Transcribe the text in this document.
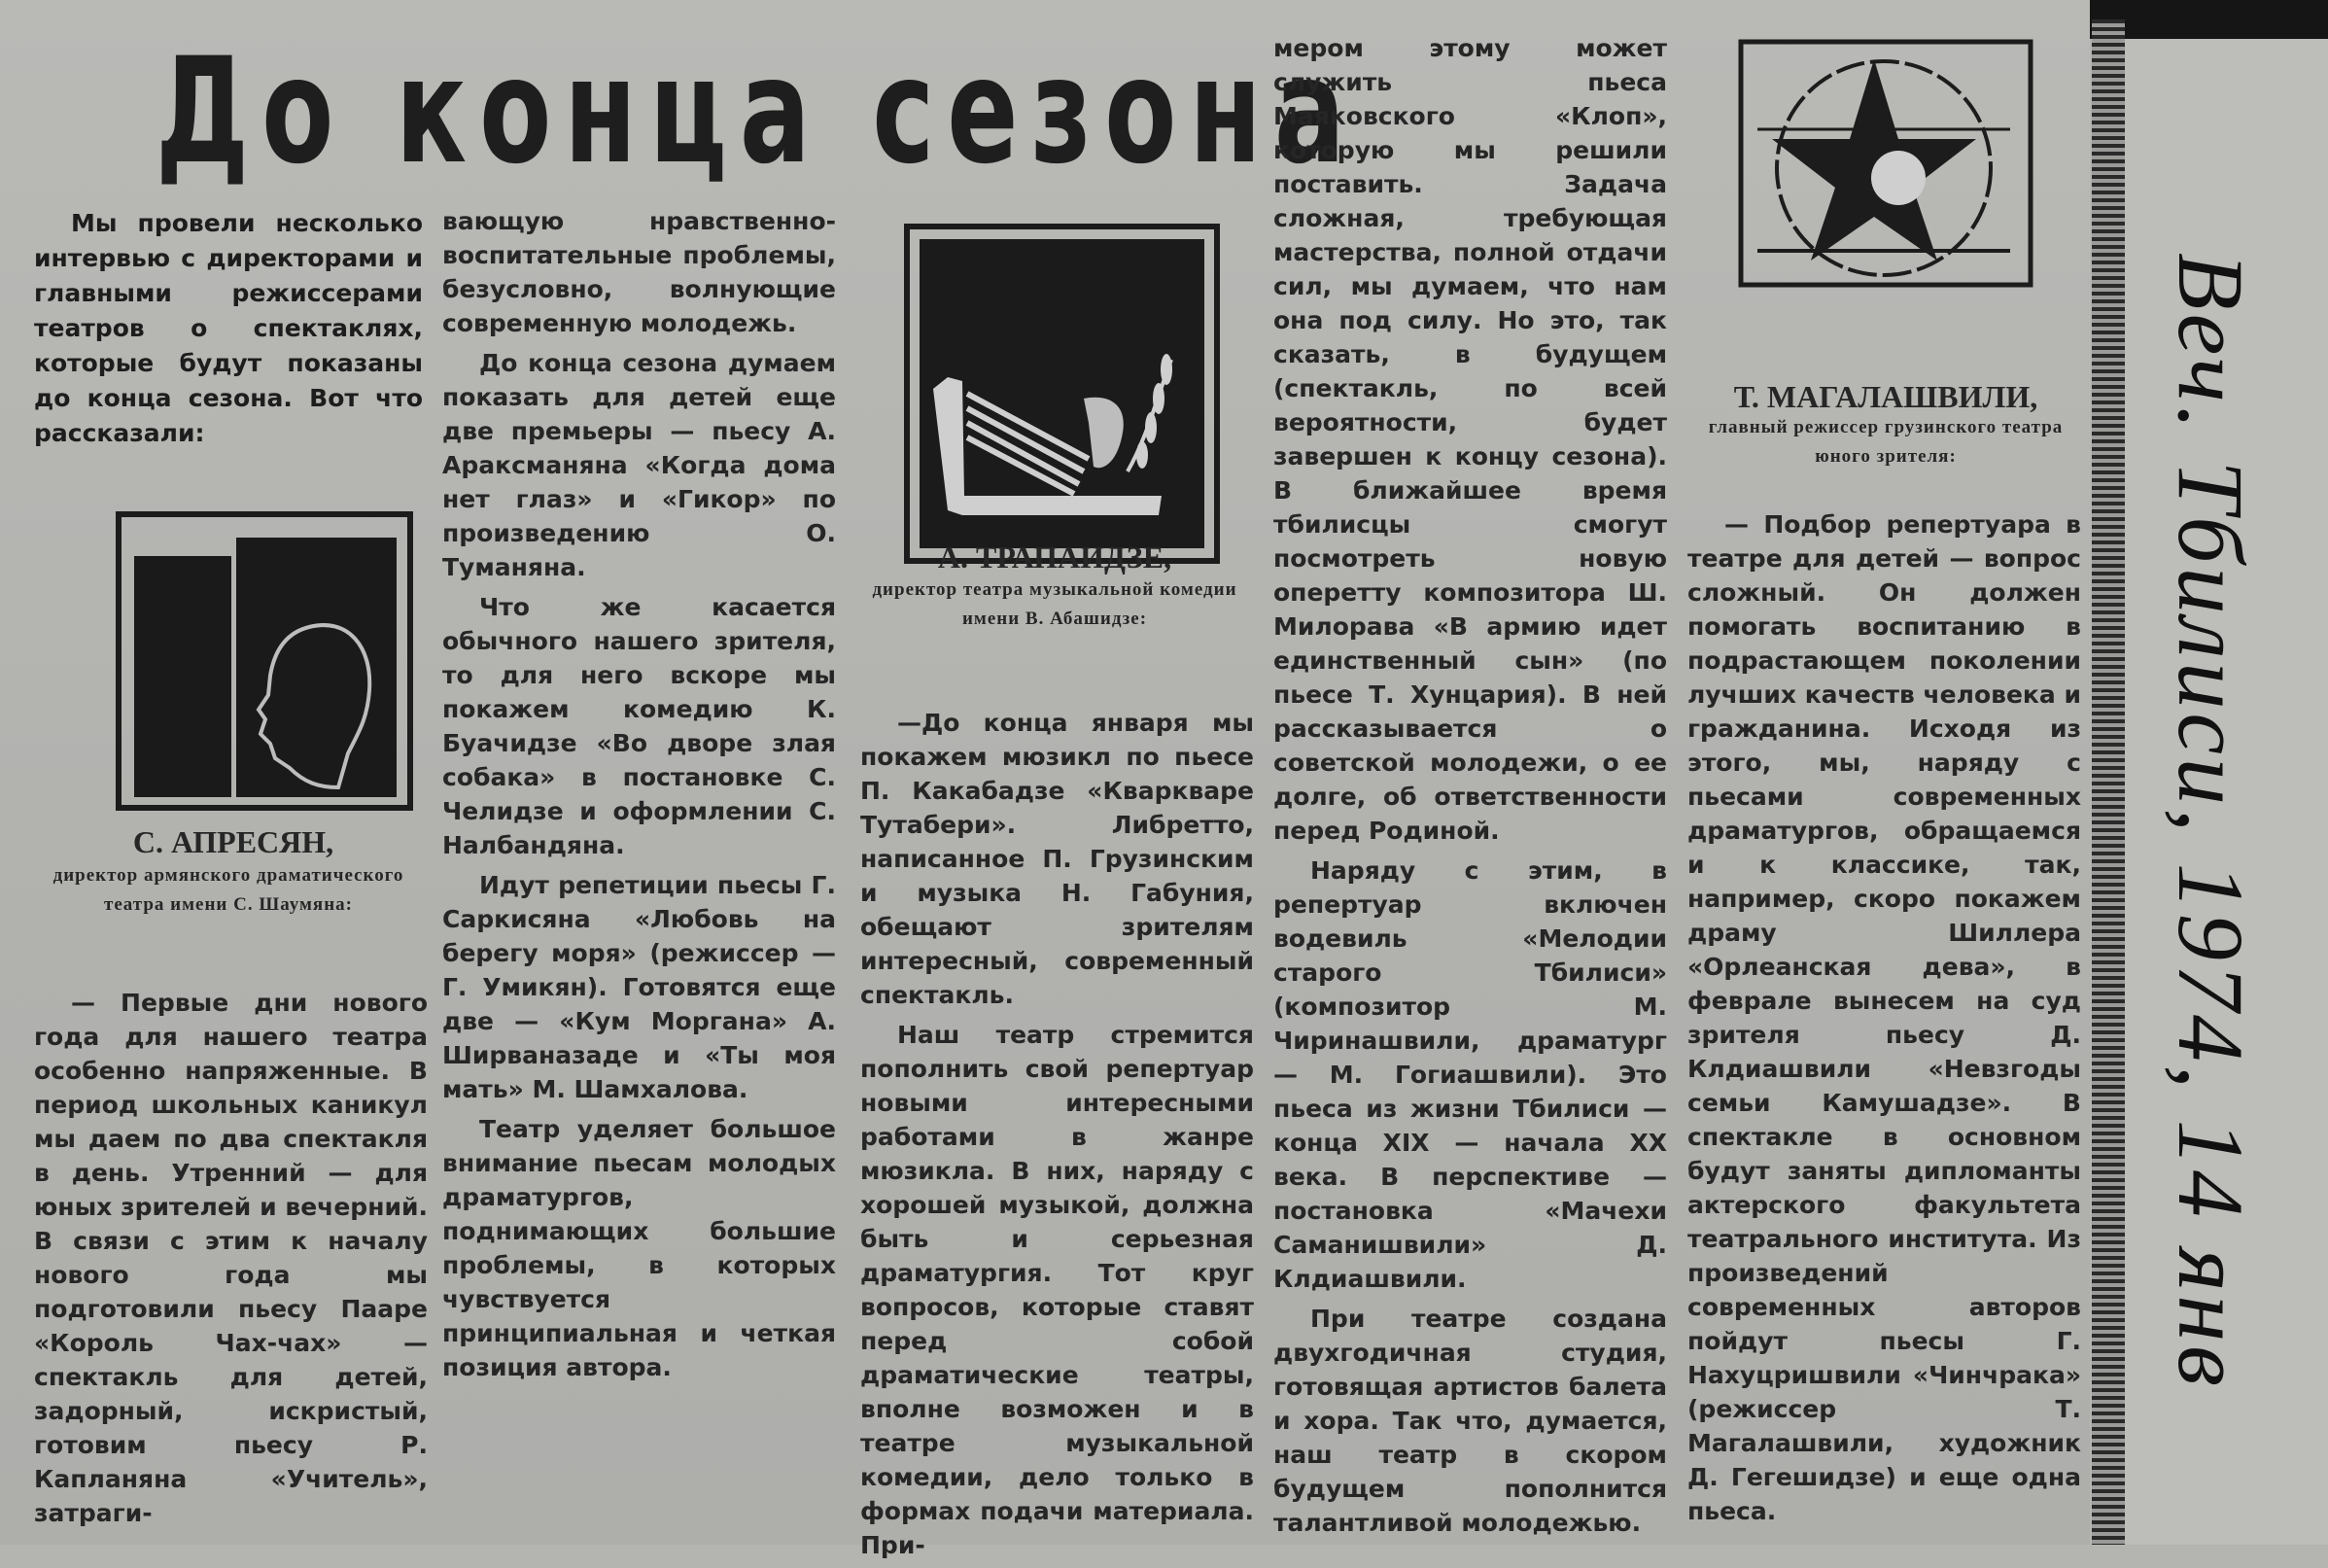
До конца сезона
Мы провели несколько интервью с директорами и главными режиссерами театров о спектаклях, которые будут показаны до конца сезона. Вот что рассказали:
С. АПРЕСЯН,
директор армянского драматического театра имени С. Шаумяна:

— Первые дни нового года для нашего театра особенно напряженные. В период школьных каникул мы даем по два спектакля в день. Утренний — для юных зрителей и вечерний. В связи с этим к началу нового года мы подготовили пьесу Пааре «Король Чах-чах» — спектакль для детей, задорный, искристый, готовим пьесу Р. Капланяна «Учитель», затраги-

вающую нравственно-воспитательные проблемы, безусловно, волнующие современную молодежь.

До конца сезона думаем показать для детей еще две премьеры — пьесу А. Араксманяна «Когда дома нет глаз» и «Гикор» по произведению О. Туманяна.

Что же касается обычного нашего зрителя, то для него вскоре мы покажем комедию К. Буачидзе «Во дворе злая собака» в постановке С. Челидзе и оформлении С. Налбандяна.

Идут репетиции пьесы Г. Саркисяна «Любовь на берегу моря» (режиссер — Г. Умикян). Готовятся еще две — «Кум Моргана» А. Ширваназаде и «Ты моя мать» М. Шамхалова.

Театр уделяет большое внимание пьесам молодых драматургов, поднимающих большие проблемы, в которых чувствуется принципиальная и четкая позиция автора.

А. ТРАПАИДЗЕ,
директор театра музыкальной комедии имени В. Абашидзе:

—До конца января мы покажем мюзикл по пьесе П. Какабадзе «Кваркваре Тутабери». Либретто, написанное П. Грузинским и музыка Н. Габуния, обещают зрителям интересный, современный спектакль.

Наш театр стремится пополнить свой репертуар новыми интересными работами в жанре мюзикла. В них, наряду с хорошей музыкой, должна быть и серьезная драматургия. Тот круг вопросов, которые ставят перед собой драматические театры, вполне возможен и в театре музыкальной комедии, дело только в формах подачи материала. При-

мером этому может служить пьеса Маяковского «Клоп», которую мы решили поставить. Задача сложная, требующая мастерства, полной отдачи сил, мы думаем, что нам она под силу. Но это, так сказать, в будущем (спектакль, по всей вероятности, будет завершен к концу сезона). В ближайшее время тбилисцы смогут посмотреть новую оперетту композитора Ш. Милорава «В армию идет единственный сын» (по пьесе Т. Хунцария). В ней рассказывается о советской молодежи, о ее долге, об ответственности перед Родиной.

Наряду с этим, в репертуар включен водевиль «Мелодии старого Тбилиси» (композитор М. Чиринашвили, драматург — М. Гогиашвили). Это пьеса из жизни Тбилиси — конца XIX — начала XX века. В перспективе — постановка «Мачехи Саманишвили» Д. Клдиашвили.

При театре создана двухгодичная студия, готовящая артистов балета и хора. Так что, думается, наш театр в скором будущем пополнится талантливой молодежью.

Т. МАГАЛАШВИЛИ,
главный режиссер грузинского театра юного зрителя:

— Подбор репертуара в театре для детей — вопрос сложный. Он должен помогать воспитанию в подрастающем поколении лучших качеств человека и гражданина. Исходя из этого, мы, наряду с пьесами современных драматургов, обращаемся и к классике, так, например, скоро покажем драму Шиллера «Орлеанская дева», в феврале вынесем на суд зрителя пьесу Д. Клдиашвили «Невзгоды семьи Камушадзе». В спектакле в основном будут заняты дипломанты актерского факультета театрального института. Из произведений современных авторов пойдут пьесы Г. Нахуцришвили «Чинчрака» (режиссер Т. Магалашвили, художник Д. Гегешидзе) и еще одна пьеса.

Веч. Тбилиси, 1974, 14 янв
